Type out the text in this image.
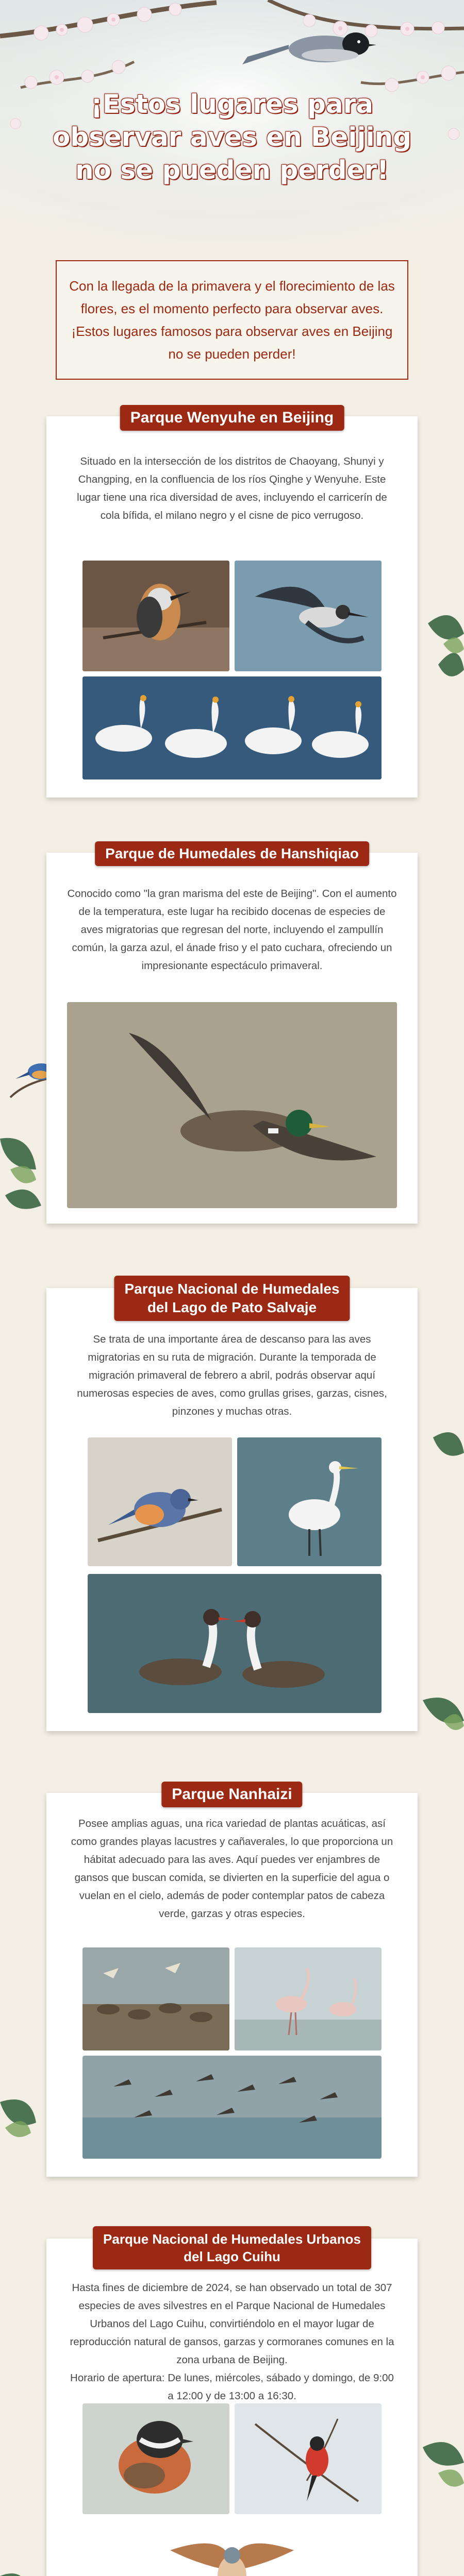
¡Estos lugares para
observar aves en Beijing
no se pueden perder!
Con la llegada de la primavera y el florecimiento de las flores, es el momento perfecto para observar aves. ¡Estos lugares famosos para observar aves en Beijing no se pueden perder!
Parque Wenyuhe en Beijing
Situado en la intersección de los distritos de Chaoyang, Shunyi y Changping, en la confluencia de los ríos Qinghe y Wenyuhe. Este lugar tiene una rica diversidad de aves, incluyendo el carricerín de cola bífida, el milano negro y el cisne de pico verrugoso.
Parque de Humedales de Hanshiqiao
Conocido como "la gran marisma del este de Beijing". Con el aumento de la temperatura, este lugar ha recibido docenas de especies de aves migratorias que regresan del norte, incluyendo el zampullín común, la garza azul, el ánade friso y el pato cuchara, ofreciendo un impresionante espectáculo primaveral.
Parque Nacional de Humedales
del Lago de Pato Salvaje
Se trata de una importante área de descanso para las aves migratorias en su ruta de migración. Durante la temporada de migración primaveral de febrero a abril, podrás observar aquí numerosas especies de aves, como grullas grises, garzas, cisnes, pinzones y muchas otras.
Parque Nanhaizi
Posee amplias aguas, una rica variedad de plantas acuáticas, así como grandes playas lacustres y cañaverales, lo que proporciona un hábitat adecuado para las aves. Aquí puedes ver enjambres de gansos que buscan comida, se divierten en la superficie del agua o vuelan en el cielo, además de poder contemplar patos de cabeza verde, garzas y otras especies.
Parque Nacional de Humedales Urbanos
del Lago Cuihu
Hasta fines de diciembre de 2024, se han observado un total de 307 especies de aves silvestres en el Parque Nacional de Humedales Urbanos del Lago Cuihu, convirtiéndolo en el mayor lugar de reproducción natural de gansos, garzas y cormoranes comunes en la zona urbana de Beijing.
Horario de apertura: De lunes, miércoles, sábado y domingo, de 9:00 a 12:00 y de 13:00 a 16:30.
